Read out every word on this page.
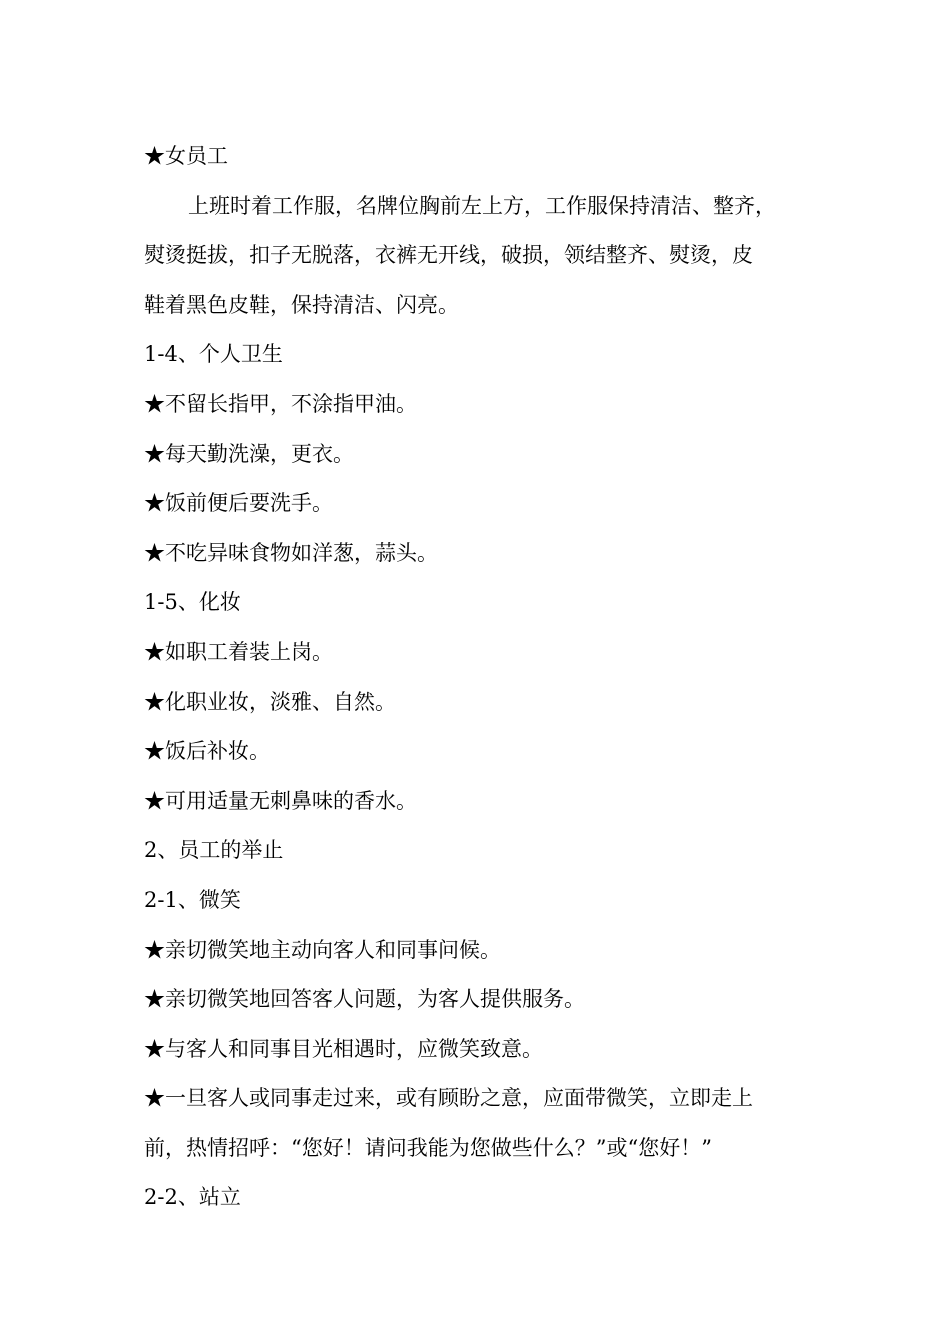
★女员工
上班时着工作服，名牌位胸前左上方，工作服保持清洁、整齐，
熨烫挺拔，扣子无脱落，衣裤无开线，破损，领结整齐、熨烫，皮
鞋着黑色皮鞋，保持清洁、闪亮。
1-4、个人卫生
★不留长指甲，不涂指甲油。
★每天勤洗澡，更衣。
★饭前便后要洗手。
★不吃异味食物如洋葱，蒜头。
1-5、化妆
★如职工着装上岗。
★化职业妆，淡雅、自然。
★饭后补妆。
★可用适量无刺鼻味的香水。
2、员工的举止
2-1、微笑
★亲切微笑地主动向客人和同事问候。
★亲切微笑地回答客人问题，为客人提供服务。
★与客人和同事目光相遇时，应微笑致意。
★一旦客人或同事走过来，或有顾盼之意，应面带微笑，立即走上
前，热情招呼：“您好！请问我能为您做些什么？”或“您好！”
2-2、站立
